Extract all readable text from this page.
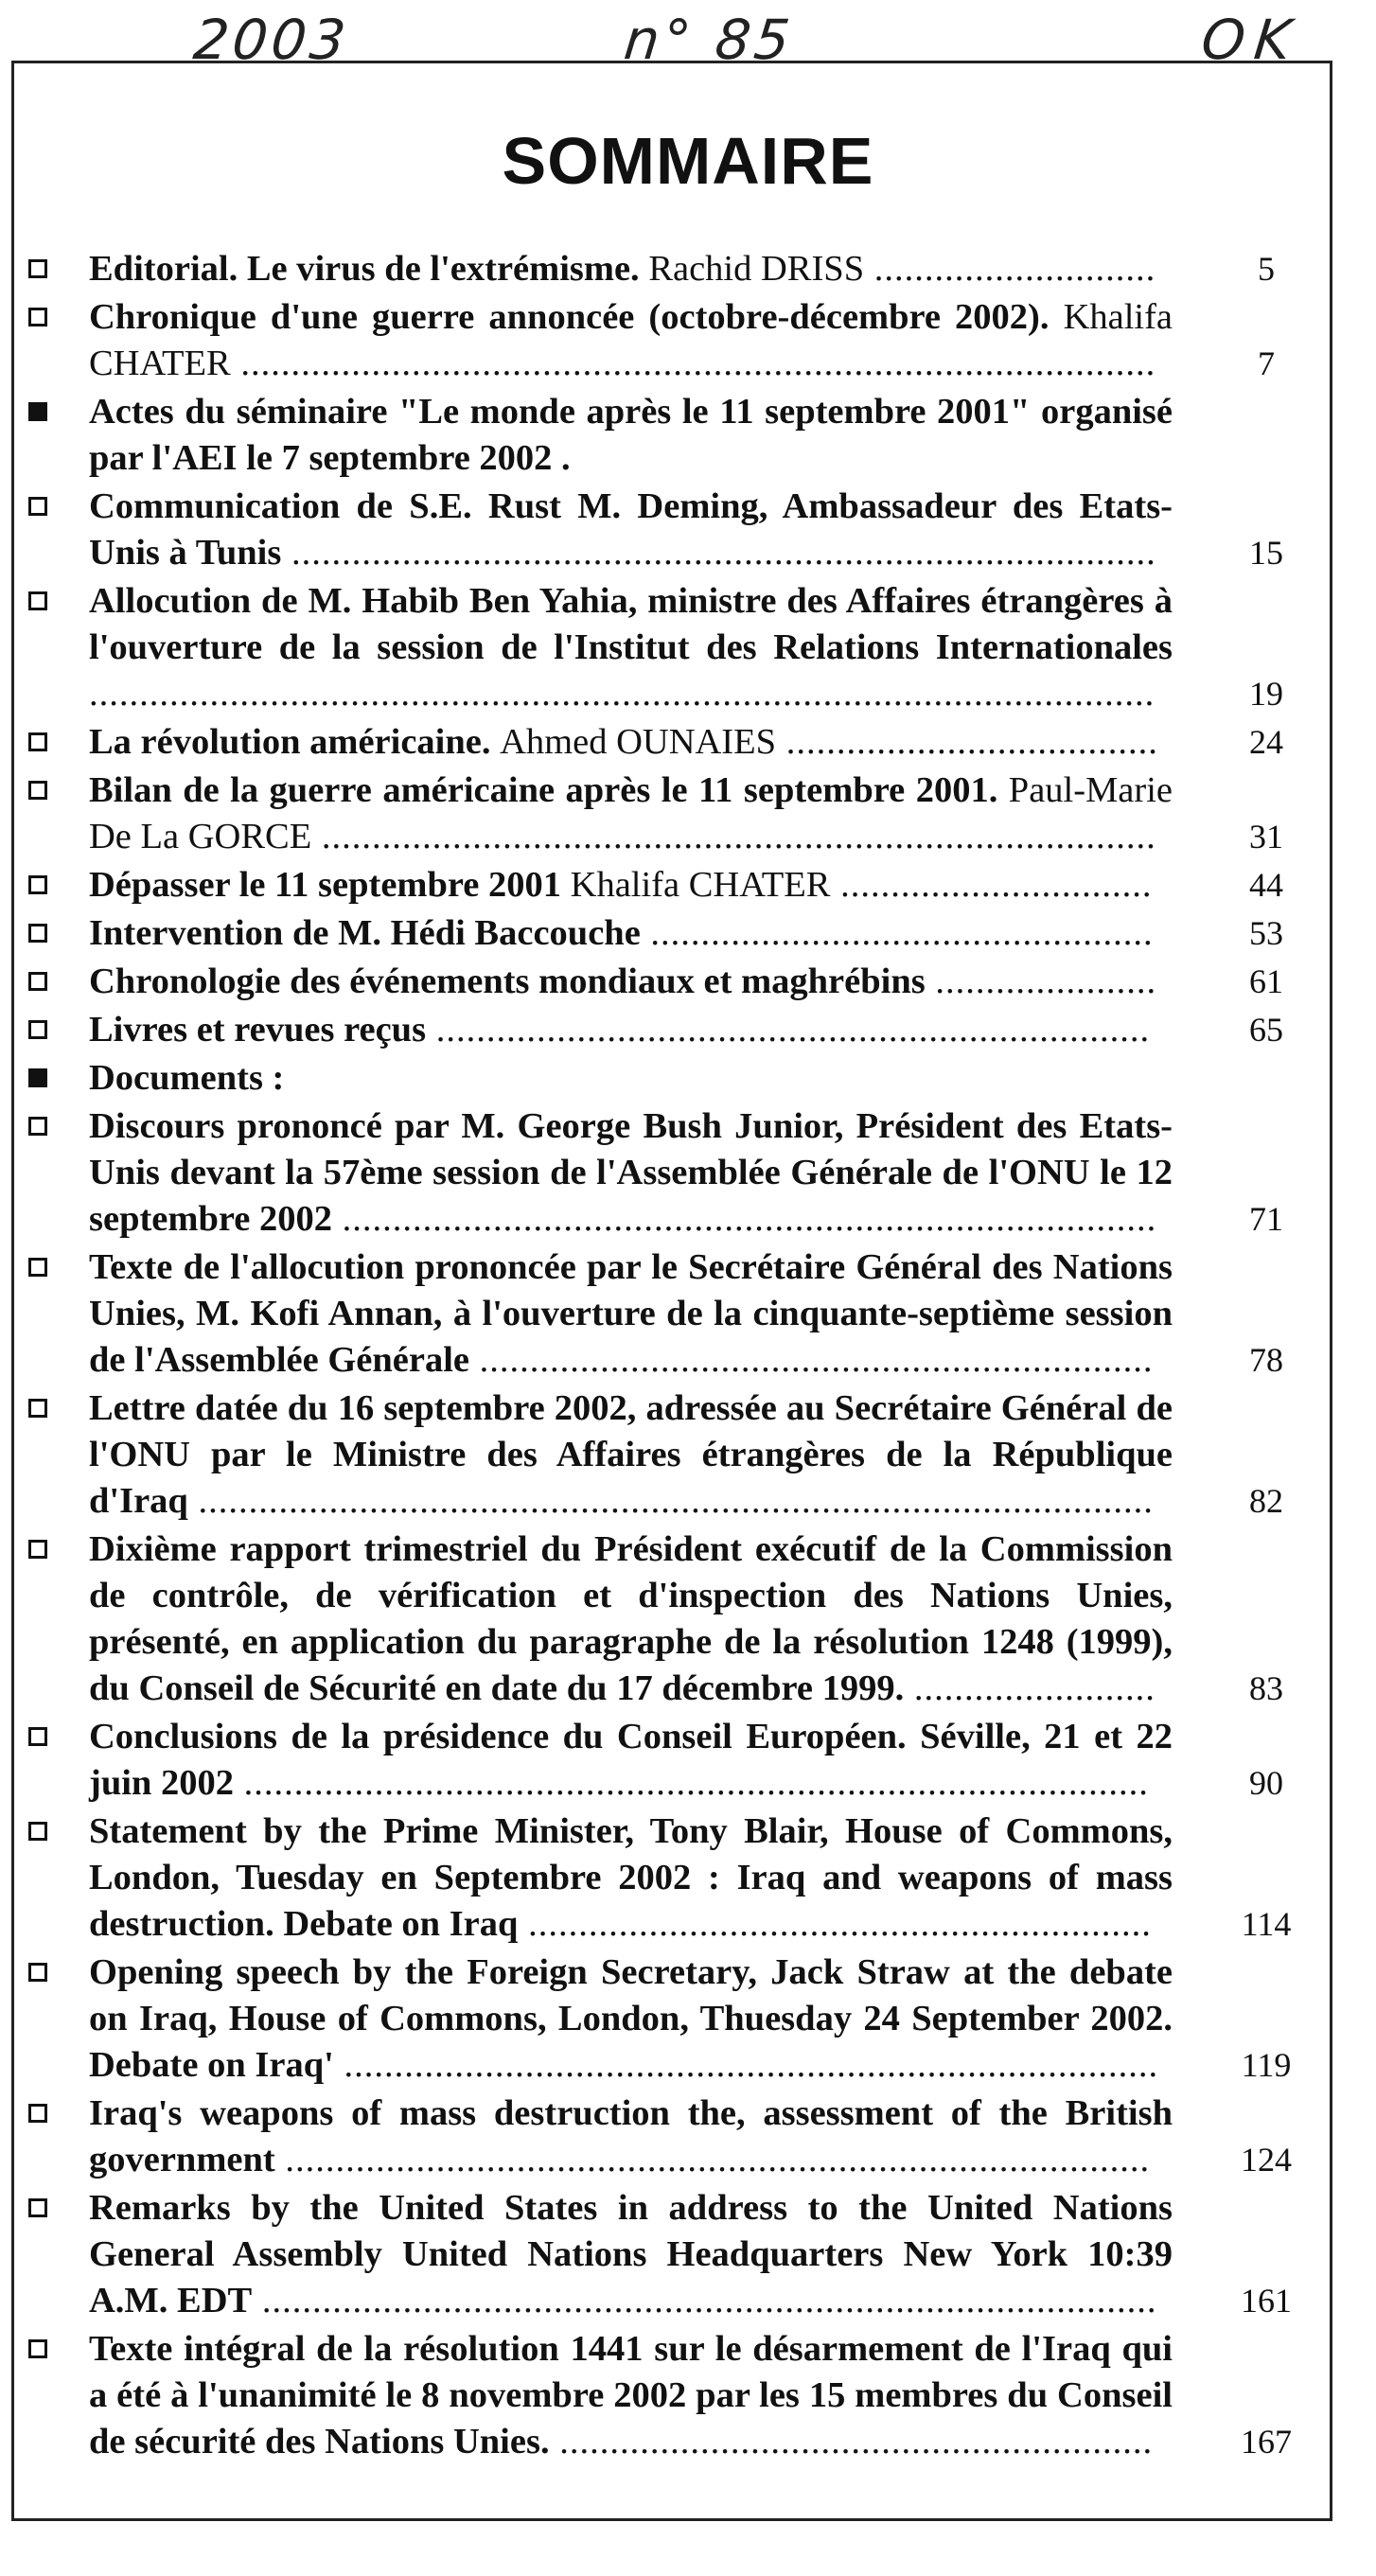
2003	n° 85	OK
SOMMAIRE
Editorial. Le virus de l'extrémisme. Rachid DRISS ............................	5
Chronique d'une guerre annoncée (octobre-décembre 2002). Khalifa CHATER ...........................................................................................	7
Actes du séminaire "Le monde après le 11 septembre 2001" organisé par l'AEI le 7 septembre 2002 .
Communication de S.E. Rust M. Deming, Ambassadeur des Etats-Unis à Tunis ......................................................................................	15
Allocution de M. Habib Ben Yahia, ministre des Affaires étrangères à l'ouverture de la session de l'Institut des Relations Internationales ..........................................................................................................	19
La révolution américaine. Ahmed OUNAIES .....................................	24
Bilan de la guerre américaine après le 11 septembre 2001. Paul-Marie De La GORCE ...................................................................................	31
Dépasser le 11 septembre 2001 Khalifa CHATER ...............................	44
Intervention de M. Hédi Baccouche ..................................................	53
Chronologie des événements mondiaux et maghrébins ......................	61
Livres et revues reçus .......................................................................	65
Documents :
Discours prononcé par M. George Bush Junior, Président des Etats-Unis devant la 57ème session de l'Assemblée Générale de l'ONU le 12 septembre 2002 .................................................................................	71
Texte de l'allocution prononcée par le Secrétaire Général des Nations Unies, M. Kofi Annan, à l'ouverture de la cinquante-septième session de l'Assemblée Générale ...................................................................	78
Lettre datée du 16 septembre 2002, adressée au Secrétaire Général de l'ONU par le Ministre des Affaires étrangères de la République d'Iraq ...............................................................................................	82
Dixième rapport trimestriel du Président exécutif de la Commission de contrôle, de vérification et d'inspection des Nations Unies, présenté, en application du paragraphe de la résolution 1248 (1999), du Conseil de Sécurité en date du 17 décembre 1999. ........................	83
Conclusions de la présidence du Conseil Européen. Séville, 21 et 22 juin 2002 ..........................................................................................	90
Statement by the Prime Minister, Tony Blair, House of Commons, London, Tuesday en Septembre 2002 : Iraq and weapons of mass destruction. Debate on Iraq ..............................................................	114
Opening speech by the Foreign Secretary, Jack Straw at the debate on Iraq, House of Commons, London, Thuesday 24 September 2002. Debate on Iraq' .................................................................................	119
Iraq's weapons of mass destruction the, assessment of the British government ......................................................................................	124
Remarks by the United States in address to the United Nations General Assembly United Nations Headquarters New York 10:39 A.M. EDT .........................................................................................	161
Texte intégral de la résolution 1441 sur le désarmement de l'Iraq qui a été à l'unanimité le 8 novembre 2002 par les 15 membres du Conseil de sécurité des Nations Unies. ...........................................................	167
